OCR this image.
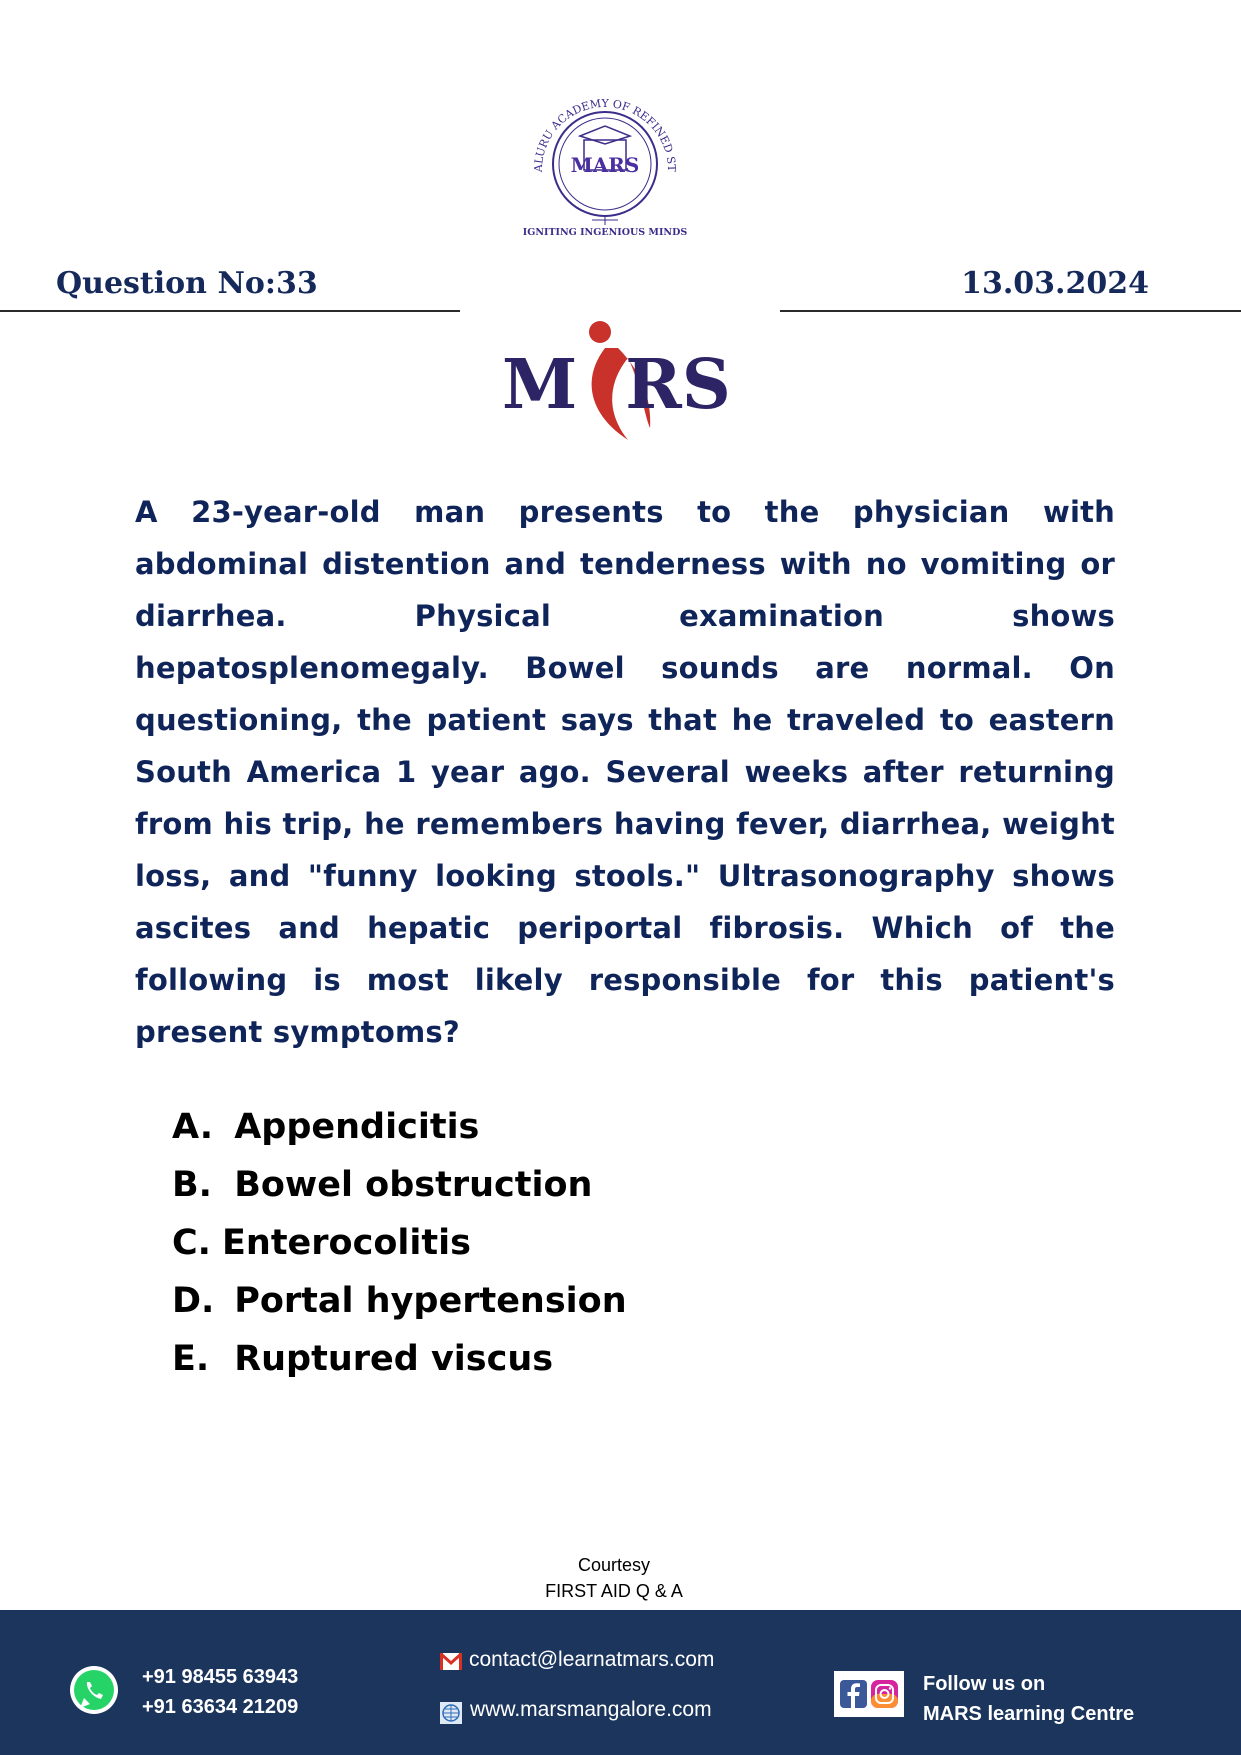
ALURU ACADEMY OF REFINED ST
MARS
IGNITING INGENIOUS MINDS
Question No:33	13.03.2024
M RS
A 23-year-old man presents to the physician with abdominal distention and tenderness with no vomiting or diarrhea. Physical examination shows hepatosplenomegaly. Bowel sounds are normal. On questioning, the patient says that he traveled to eastern South America 1 year ago. Several weeks after returning from his trip, he remembers having fever, diarrhea, weight loss, and "funny looking stools." Ultrasonography shows ascites and hepatic periportal fibrosis. Which of the following is most likely responsible for this patient's present symptoms?
A. Appendicitis
B. Bowel obstruction
C. Enterocolitis
D. Portal hypertension
E. Ruptured viscus
Courtesy
FIRST AID Q & A
+91 98455 63943
+91 63634 21209
contact@learnatmars.com
www.marsmangalore.com
Follow us on
MARS learning Centre
